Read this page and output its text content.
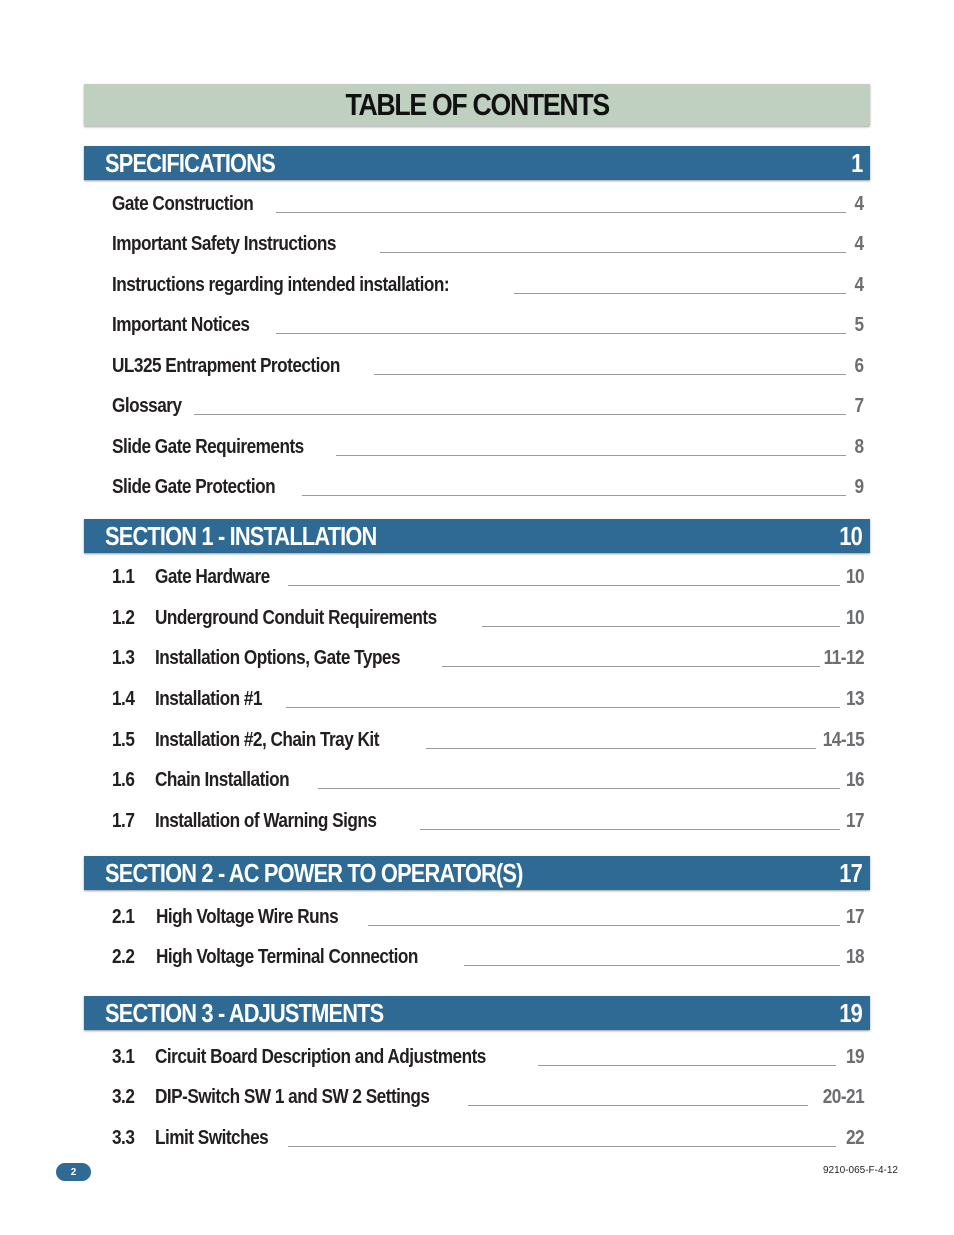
TABLE OF CONTENTS
SPECIFICATIONS	1
Gate Construction	4
Important Safety Instructions	4
Instructions regarding intended installation:	4
Important Notices	5
UL325 Entrapment Protection	6
Glossary	7
Slide Gate Requirements	8
Slide Gate Protection	9
SECTION 1 - INSTALLATION	10
1.1 Gate Hardware	10
1.2 Underground Conduit Requirements	10
1.3 Installation Options, Gate Types	11-12
1.4 Installation #1	13
1.5 Installation #2, Chain Tray Kit	14-15
1.6 Chain Installation	16
1.7 Installation of Warning Signs	17
SECTION 2 - AC POWER TO OPERATOR(S)	17
2.1 High Voltage Wire Runs	17
2.2 High Voltage Terminal Connection	18
SECTION 3 - ADJUSTMENTS	19
3.1 Circuit Board Description and Adjustments	19
3.2 DIP-Switch SW 1 and SW 2 Settings	20-21
3.3 Limit Switches	22
2	9210-065-F-4-12
